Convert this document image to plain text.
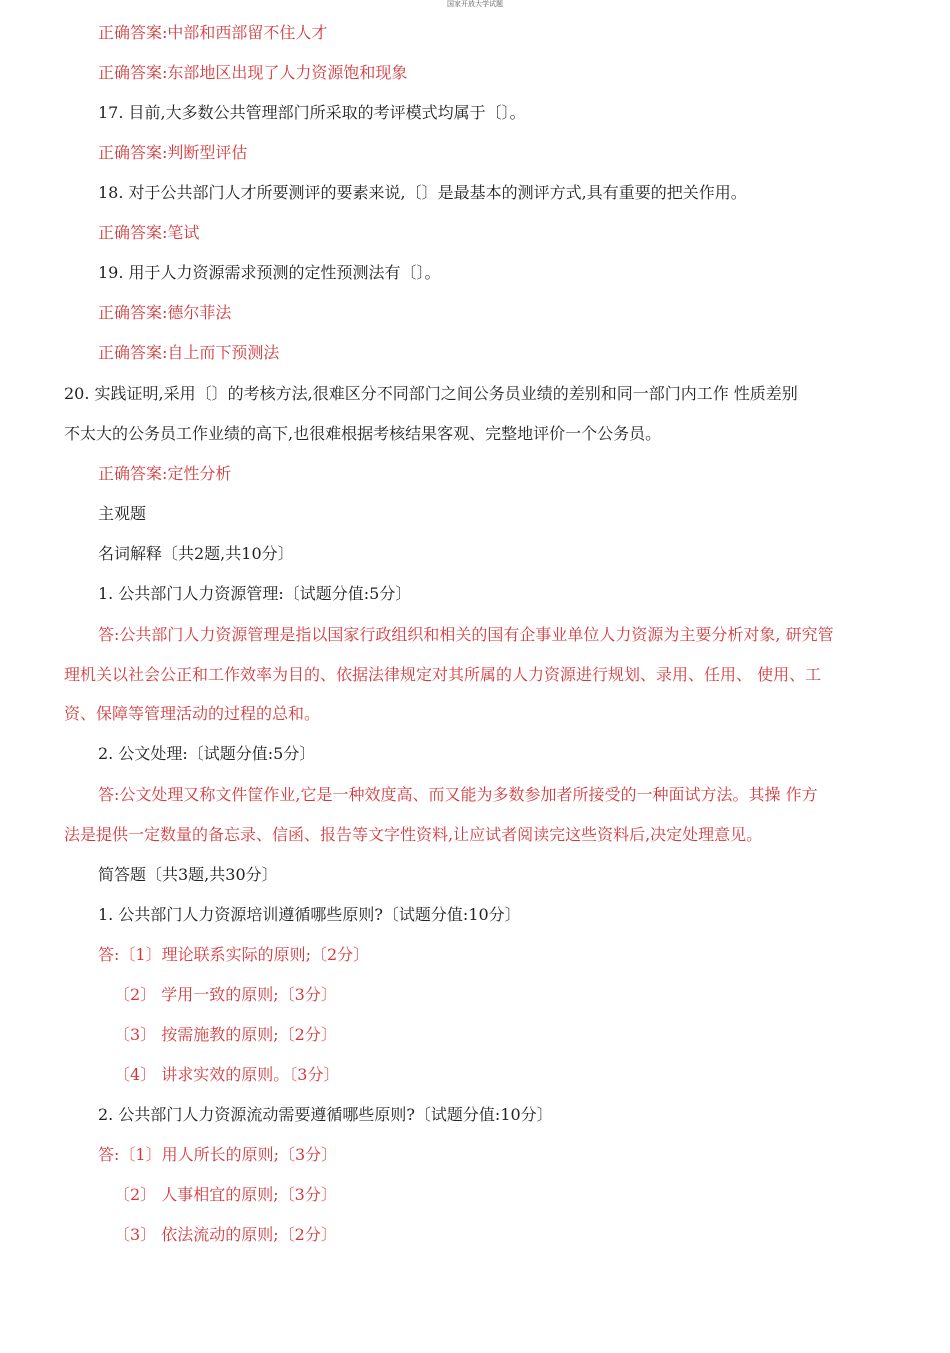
国家开放大学试题
正确答案:中部和西部留不住人才
正确答案:东部地区出现了人力资源饱和现象
17. 目前,大多数公共管理部门所采取的考评模式均属于〔〕。
正确答案:判断型评估
18. 对于公共部门人才所要测评的要素来说,〔〕是最基本的测评方式,具有重要的把关作用。
正确答案:笔试
19. 用于人力资源需求预测的定性预测法有〔〕。
正确答案:德尔菲法
正确答案:自上而下预测法
20. 实践证明,采用〔〕的考核方法,很难区分不同部门之间公务员业绩的差别和同一部门内工作 性质差别
不太大的公务员工作业绩的高下,也很难根据考核结果客观、完整地评价一个公务员。
正确答案:定性分析
主观题
名词解释〔共2题,共10分〕
1. 公共部门人力资源管理:〔试题分值:5分〕
答:公共部门人力资源管理是指以国家行政组织和相关的国有企事业单位人力资源为主要分析对象, 研究管
理机关以社会公正和工作效率为目的、依据法律规定对其所属的人力资源进行规划、录用、任用、 使用、工
资、保障等管理活动的过程的总和。
2. 公文处理:〔试题分值:5分〕
答:公文处理又称文件筐作业,它是一种效度高、而又能为多数参加者所接受的一种面试方法。其操 作方
法是提供一定数量的备忘录、信函、报告等文字性资料,让应试者阅读完这些资料后,决定处理意见。
简答题〔共3题,共30分〕
1. 公共部门人力资源培训遵循哪些原则?〔试题分值:10分〕
答:〔1〕理论联系实际的原则;〔2分〕
〔2〕 学用一致的原则;〔3分〕
〔3〕 按需施教的原则;〔2分〕
〔4〕 讲求实效的原则。〔3分〕
2. 公共部门人力资源流动需要遵循哪些原则?〔试题分值:10分〕
答:〔1〕用人所长的原则;〔3分〕
〔2〕 人事相宜的原则;〔3分〕
〔3〕 依法流动的原则;〔2分〕
